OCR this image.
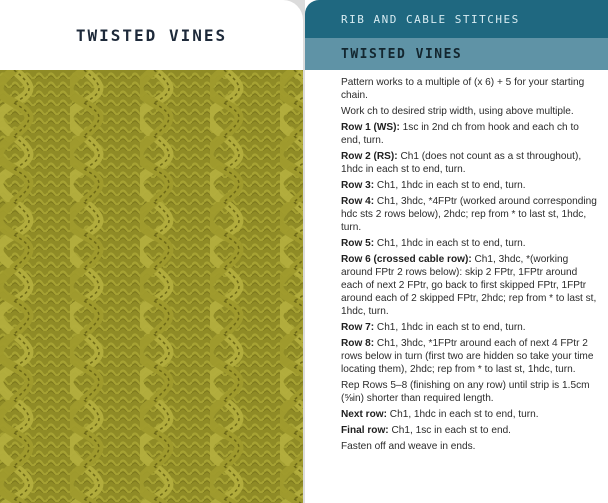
TWISTED VINES
RIB AND CABLE STITCHES
TWISTED VINES

Pattern works to a multiple of (x 6) + 5 for your starting chain.

Work ch to desired strip width, using above multiple.

Row 1 (WS): 1sc in 2nd ch from hook and each ch to end, turn.

Row 2 (RS): Ch1 (does not count as a st throughout), 1hdc in each st to end, turn.

Row 3: Ch1, 1hdc in each st to end, turn.

Row 4: Ch1, 3hdc, *4FPtr (worked around corresponding hdc sts 2 rows below), 2hdc; rep from * to last st, 1hdc, turn.

Row 5: Ch1, 1hdc in each st to end, turn.

Row 6 (crossed cable row): Ch1, 3hdc, *(working around FPtr 2 rows below): skip 2 FPtr, 1FPtr around each of next 2 FPtr, go back to first skipped FPtr, 1FPtr around each of 2 skipped FPtr, 2hdc; rep from * to last st, 1hdc, turn.

Row 7: Ch1, 1hdc in each st to end, turn.

Row 8: Ch1, 3hdc, *1FPtr around each of next 4 FPtr 2 rows below in turn (first two are hidden so take your time locating them), 2hdc; rep from * to last st, 1hdc, turn.

Rep Rows 5–8 (finishing on any row) until strip is 1.5cm (⅝in) shorter than required length.

Next row: Ch1, 1hdc in each st to end, turn.

Final row: Ch1, 1sc in each st to end.

Fasten off and weave in ends.
